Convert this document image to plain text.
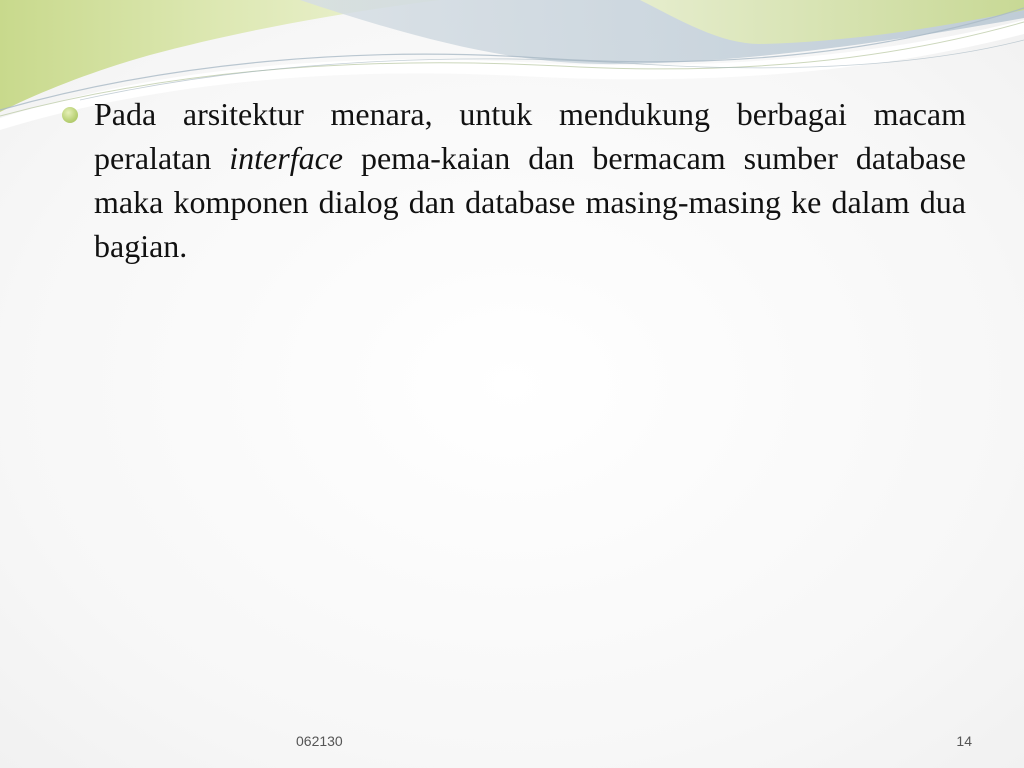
Pada arsitektur menara, untuk mendukung berbagai macam peralatan interface pema-kaian dan bermacam sumber database maka komponen dialog dan database masing-masing ke dalam dua bagian.
062130	14
